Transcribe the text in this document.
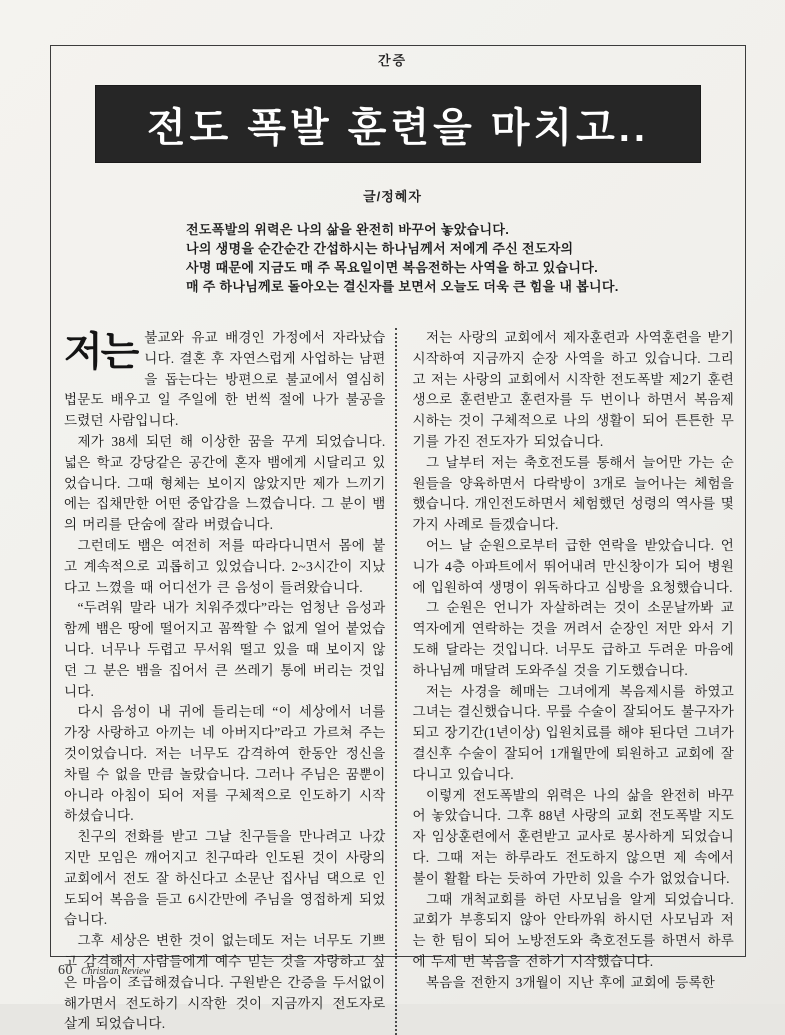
간증
전도 폭발 훈련을 마치고..
글/정혜자
전도폭발의 위력은 나의 삶을 완전히 바꾸어 놓았습니다.
나의 생명을 순간순간 간섭하시는 하나님께서 저에게 주신 전도자의
사명 때문에 지금도 매 주 목요일이면 복음전하는 사역을 하고 있습니다.
매 주 하나님께로 돌아오는 결신자를 보면서 오늘도 더욱 큰 힘을 내 봅니다.

저는 불교와 유교 배경인 가정에서 자라났습니다. 결혼 후 자연스럽게 사업하는 남편을 돕는다는 방편으로 불교에서 열심히 법문도 배우고 일 주일에 한 번씩 절에 나가 불공을 드렸던 사람입니다.

제가 38세 되던 해 이상한 꿈을 꾸게 되었습니다. 넓은 학교 강당같은 공간에 혼자 뱀에게 시달리고 있었습니다. 그때 형체는 보이지 않았지만 제가 느끼기에는 집채만한 어떤 중압감을 느꼈습니다. 그 분이 뱀의 머리를 단숨에 잘라 버렸습니다.

그런데도 뱀은 여전히 저를 따라다니면서 몸에 붙고 계속적으로 괴롭히고 있었습니다. 2~3시간이 지났다고 느꼈을 때 어디선가 큰 음성이 들려왔습니다.

“두려워 말라 내가 치워주겠다”라는 엄청난 음성과 함께 뱀은 땅에 떨어지고 꼼짝할 수 없게 얼어 붙었습니다. 너무나 두렵고 무서워 떨고 있을 때 보이지 않던 그 분은 뱀을 집어서 큰 쓰레기 통에 버리는 것입니다.

다시 음성이 내 귀에 들리는데 “이 세상에서 너를 가장 사랑하고 아끼는 네 아버지다”라고 가르쳐 주는 것이었습니다. 저는 너무도 감격하여 한동안 정신을 차릴 수 없을 만큼 놀랐습니다. 그러나 주님은 꿈뿐이 아니라 아침이 되어 저를 구체적으로 인도하기 시작하셨습니다.

친구의 전화를 받고 그날 친구들을 만나려고 나갔지만 모임은 깨어지고 친구따라 인도된 것이 사랑의 교회에서 전도 잘 하신다고 소문난 집사님 댁으로 인도되어 복음을 듣고 6시간만에 주님을 영접하게 되었습니다.

그후 세상은 변한 것이 없는데도 저는 너무도 기쁘고 감격해서 사람들에게 예수 믿는 것을 자랑하고 싶은 마음이 조급해졌습니다. 구원받은 간증을 두서없이 해가면서 전도하기 시작한 것이 지금까지 전도자로 살게 되었습니다.

저는 사랑의 교회에서 제자훈련과 사역훈련을 받기 시작하여 지금까지 순장 사역을 하고 있습니다. 그리고 저는 사랑의 교회에서 시작한 전도폭발 제2기 훈련생으로 훈련받고 훈련자를 두 번이나 하면서 복음제시하는 것이 구체적으로 나의 생활이 되어 튼튼한 무기를 가진 전도자가 되었습니다.

그 날부터 저는 축호전도를 통해서 늘어만 가는 순원들을 양육하면서 다락방이 3개로 늘어나는 체험을 했습니다. 개인전도하면서 체험했던 성령의 역사를 몇 가지 사례로 들겠습니다.

어느 날 순원으로부터 급한 연락을 받았습니다. 언니가 4층 아파트에서 뛰어내려 만신창이가 되어 병원에 입원하여 생명이 위독하다고 심방을 요청했습니다.

그 순원은 언니가 자살하려는 것이 소문날까봐 교역자에게 연락하는 것을 꺼려서 순장인 저만 와서 기도해 달라는 것입니다. 너무도 급하고 두려운 마음에 하나님께 매달려 도와주실 것을 기도했습니다.

저는 사경을 헤매는 그녀에게 복음제시를 하였고 그녀는 결신했습니다. 무릎 수술이 잘되어도 불구자가 되고 장기간(1년이상) 입원치료를 해야 된다던 그녀가 결신후 수술이 잘되어 1개월만에 퇴원하고 교회에 잘 다니고 있습니다.

이렇게 전도폭발의 위력은 나의 삶을 완전히 바꾸어 놓았습니다. 그후 88년 사랑의 교회 전도폭발 지도자 임상훈련에서 훈련받고 교사로 봉사하게 되었습니다. 그때 저는 하루라도 전도하지 않으면 제 속에서 불이 활활 타는 듯하여 가만히 있을 수가 없었습니다.

그때 개척교회를 하던 사모님을 알게 되었습니다. 교회가 부흥되지 않아 안타까워 하시던 사모님과 저는 한 팀이 되어 노방전도와 축호전도를 하면서 하루에 두세 번 복음을 전하기 시작했습니다.

복음을 전한지 3개월이 지난 후에 교회에 등록한

60 Christian Review
